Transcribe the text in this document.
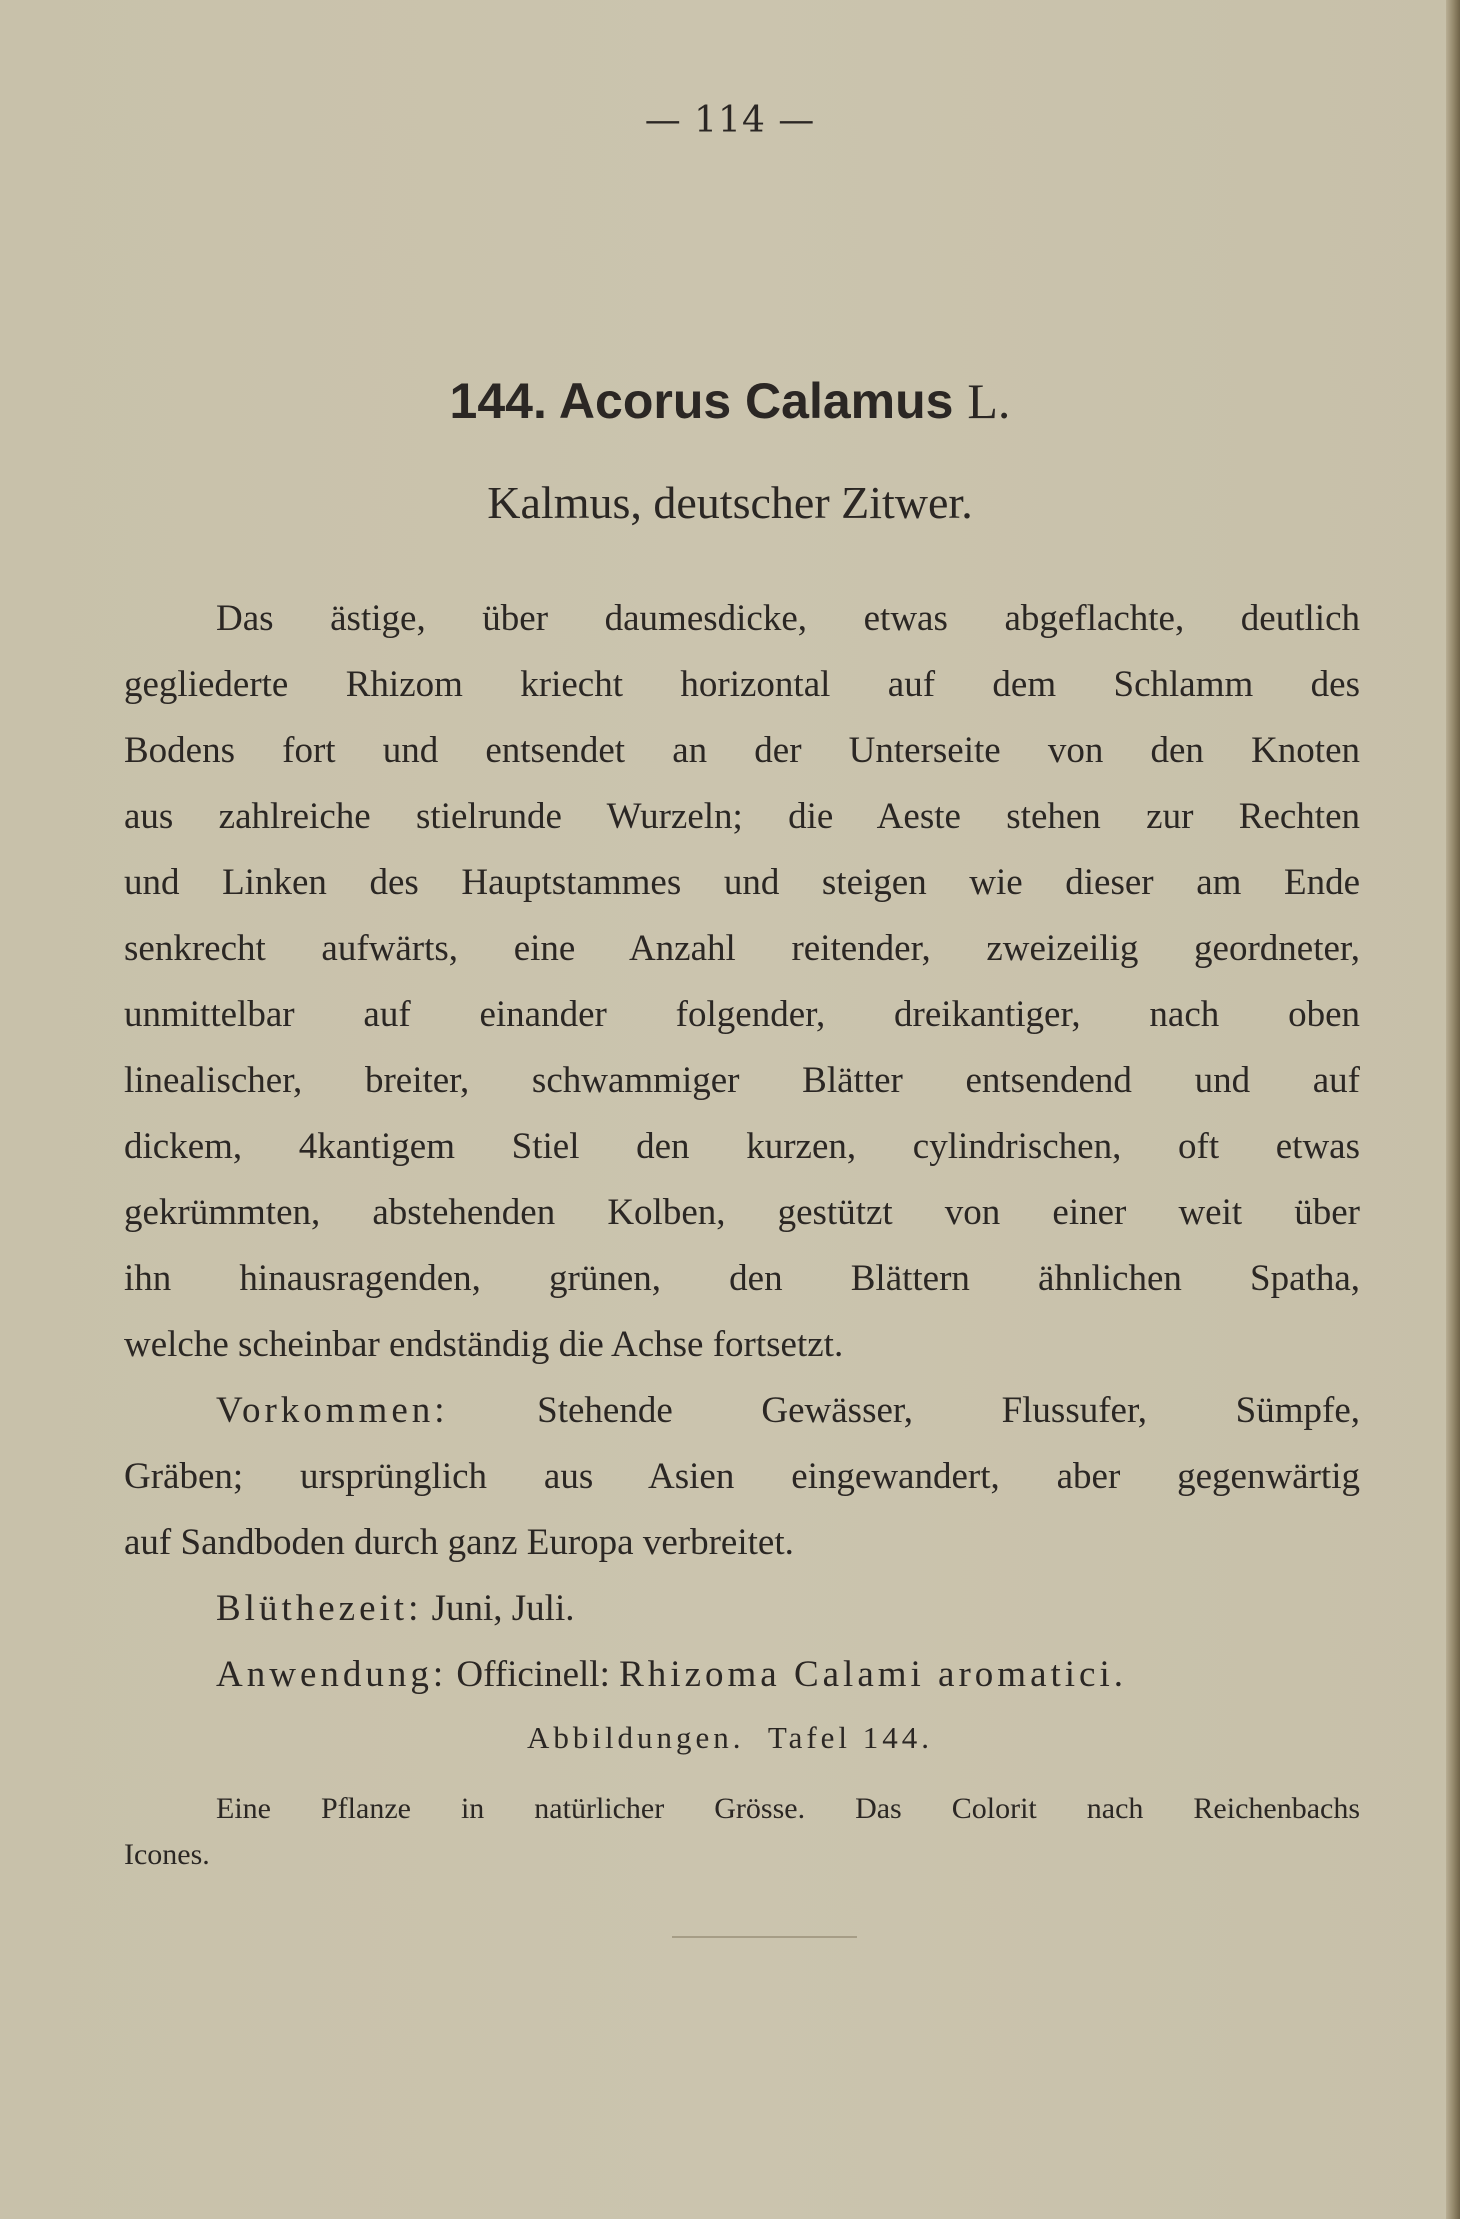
— 114 —
144. Acorus Calamus L.
Kalmus, deutscher Zitwer.
Das ästige, über daumesdicke, etwas abgeflachte, deutlich
gegliederte Rhizom kriecht horizontal auf dem Schlamm des
Bodens fort und entsendet an der Unterseite von den Knoten
aus zahlreiche stielrunde Wurzeln; die Aeste stehen zur Rechten
und Linken des Hauptstammes und steigen wie dieser am Ende
senkrecht aufwärts, eine Anzahl reitender, zweizeilig geordneter,
unmittelbar auf einander folgender, dreikantiger, nach oben
linealischer, breiter, schwammiger Blätter entsendend und auf
dickem, 4kantigem Stiel den kurzen, cylindrischen, oft etwas
gekrümmten, abstehenden Kolben, gestützt von einer weit über
ihn hinausragenden, grünen, den Blättern ähnlichen Spatha,
welche scheinbar endständig die Achse fortsetzt.
Vorkommen: Stehende Gewässer, Flussufer, Sümpfe,
Gräben; ursprünglich aus Asien eingewandert, aber gegenwärtig
auf Sandboden durch ganz Europa verbreitet.
Blüthezeit: Juni, Juli.
Anwendung: Officinell: Rhizoma Calami aromatici.
Abbildungen. Tafel 144.
Eine Pflanze in natürlicher Grösse. Das Colorit nach Reichenbachs
Icones.
